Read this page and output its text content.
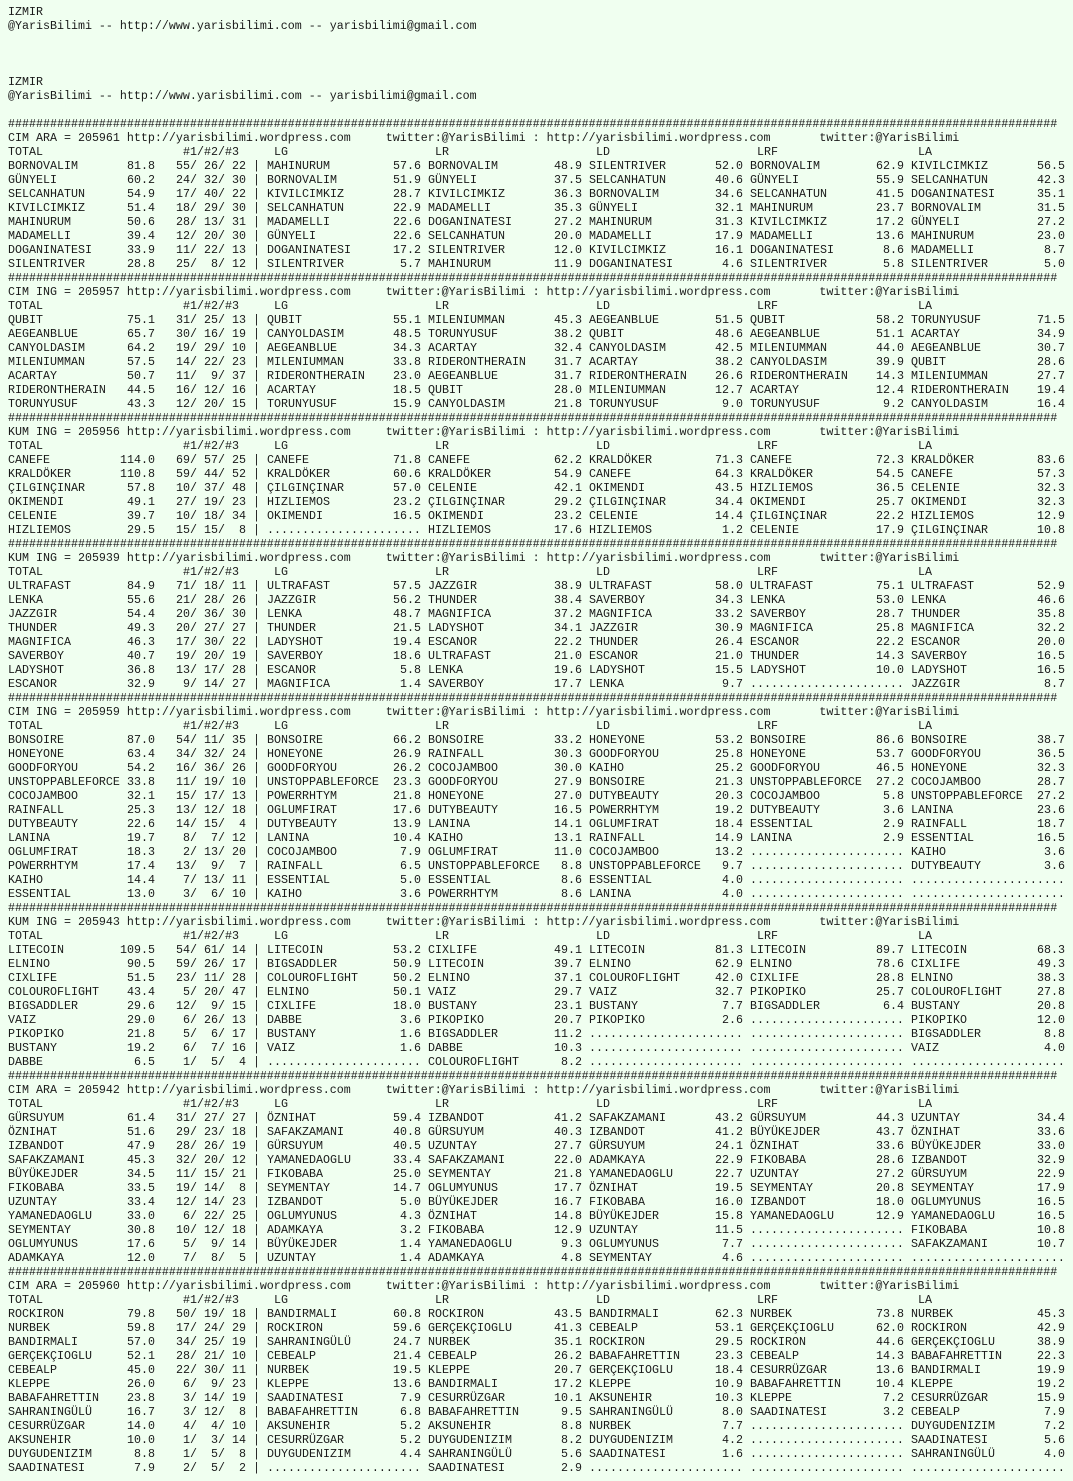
IZMIR
@YarisBilimi -- http://www.yarisbilimi.com -- yarisbilimi@gmail.com
IZMIR
@YarisBilimi -- http://www.yarisbilimi.com -- yarisbilimi@gmail.com
######################################################################################################################################################
CIM ARA = 205961 http://yarisbilimi.wordpress.com     twitter:@YarisBilimi : http://yarisbilimi.wordpress.com       twitter:@YarisBilimi
TOTAL	#1/#2/#3	LG	LR	LD	LRF	LA
BORNOVALIM	81.8	55/ 26/ 22 | MAHINURUM	57.6 BORNOVALIM	48.9 SILENTRIVER	52.0 BORNOVALIM	62.9 KIVILCIMKIZ	56.5
GÜNYELI	60.2	24/ 32/ 30 | BORNOVALIM	51.9 GÜNYELI	37.5 SELCANHATUN	40.6 GÜNYELI	55.9 SELCANHATUN	42.3
SELCANHATUN	54.9	17/ 40/ 22 | KIVILCIMKIZ	28.7 KIVILCIMKIZ	36.3 BORNOVALIM	34.6 SELCANHATUN	41.5 DOGANINATESI	35.1
KIVILCIMKIZ	51.4	18/ 29/ 30 | SELCANHATUN	22.9 MADAMELLI	35.3 GÜNYELI	32.1 MAHINURUM	23.7 BORNOVALIM	31.5
MAHINURUM	50.6	28/ 13/ 31 | MADAMELLI	22.6 DOGANINATESI	27.2 MAHINURUM	31.3 KIVILCIMKIZ	17.2 GÜNYELI	27.2
MADAMELLI	39.4	12/ 20/ 30 | GÜNYELI	22.6 SELCANHATUN	20.0 MADAMELLI	17.9 MADAMELLI	13.6 MAHINURUM	23.0
DOGANINATESI	33.9	11/ 22/ 13 | DOGANINATESI	17.2 SILENTRIVER	12.0 KIVILCIMKIZ	16.1 DOGANINATESI	8.6 MADAMELLI	8.7
SILENTRIVER	28.8	25/  8/ 12 | SILENTRIVER	5.7 MAHINURUM	11.9 DOGANINATESI	4.6 SILENTRIVER	5.8 SILENTRIVER	5.0
######################################################################################################################################################
CIM ING = 205957 http://yarisbilimi.wordpress.com     twitter:@YarisBilimi : http://yarisbilimi.wordpress.com       twitter:@YarisBilimi
TOTAL	#1/#2/#3	LG	LR	LD	LRF	LA
QUBIT	75.1	31/ 25/ 13 | QUBIT	55.1 MILENIUMMAN	45.3 AEGEANBLUE	51.5 QUBIT	58.2 TORUNYUSUF	71.5
AEGEANBLUE	65.7	30/ 16/ 19 | CANYOLDASIM	48.5 TORUNYUSUF	38.2 QUBIT	48.6 AEGEANBLUE	51.1 ACARTAY	34.9
CANYOLDASIM	64.2	19/ 29/ 10 | AEGEANBLUE	34.3 ACARTAY	32.4 CANYOLDASIM	42.5 MILENIUMMAN	44.0 AEGEANBLUE	30.7
MILENIUMMAN	57.5	14/ 22/ 23 | MILENIUMMAN	33.8 RIDERONTHERAIN	31.7 ACARTAY	38.2 CANYOLDASIM	39.9 QUBIT	28.6
ACARTAY	50.7	11/  9/ 37 | RIDERONTHERAIN	23.0 AEGEANBLUE	31.7 RIDERONTHERAIN	26.6 RIDERONTHERAIN	14.3 MILENIUMMAN	27.7
RIDERONTHERAIN	44.5	16/ 12/ 16 | ACARTAY	18.5 QUBIT	28.0 MILENIUMMAN	12.7 ACARTAY	12.4 RIDERONTHERAIN	19.4
TORUNYUSUF	43.3	12/ 20/ 15 | TORUNYUSUF	15.9 CANYOLDASIM	21.8 TORUNYUSUF	9.0 TORUNYUSUF	9.2 CANYOLDASIM	16.4
######################################################################################################################################################
KUM ING = 205956 http://yarisbilimi.wordpress.com     twitter:@YarisBilimi : http://yarisbilimi.wordpress.com       twitter:@YarisBilimi
TOTAL	#1/#2/#3	LG	LR	LD	LRF	LA
CANEFE	114.0	69/ 57/ 25 | CANEFE	71.8 CANEFE	62.2 KRALDÖKER	71.3 CANEFE	72.3 KRALDÖKER	83.6
KRALDÖKER	110.8	59/ 44/ 52 | KRALDÖKER	60.6 KRALDÖKER	54.9 CANEFE	64.3 KRALDÖKER	54.5 CANEFE	57.3
ÇILGINÇINAR	57.8	10/ 37/ 48 | ÇILGINÇINAR	57.0 CELENIE	42.1 OKIMENDI	43.5 HIZLIEMOS	36.5 CELENIE	32.3
OKIMENDI	49.1	27/ 19/ 23 | HIZLIEMOS	23.2 ÇILGINÇINAR	29.2 ÇILGINÇINAR	34.4 OKIMENDI	25.7 OKIMENDI	32.3
CELENIE	39.7	10/ 18/ 34 | OKIMENDI	16.5 OKIMENDI	23.2 CELENIE	14.4 ÇILGINÇINAR	22.2 HIZLIEMOS	12.9
HIZLIEMOS	29.5	15/ 15/  8 | ...................... HIZLIEMOS	17.6 HIZLIEMOS	1.2 CELENIE	17.9 ÇILGINÇINAR	10.8
######################################################################################################################################################
KUM ING = 205939 http://yarisbilimi.wordpress.com     twitter:@YarisBilimi : http://yarisbilimi.wordpress.com       twitter:@YarisBilimi
TOTAL	#1/#2/#3	LG	LR	LD	LRF	LA
ULTRAFAST	84.9	71/ 18/ 11 | ULTRAFAST	57.5 JAZZGIR	38.9 ULTRAFAST	58.0 ULTRAFAST	75.1 ULTRAFAST	52.9
LENKA	55.6	21/ 28/ 26 | JAZZGIR	56.2 THUNDER	38.4 SAVERBOY	34.3 LENKA	53.0 LENKA	46.6
JAZZGIR	54.4	20/ 36/ 30 | LENKA	48.7 MAGNIFICA	37.2 MAGNIFICA	33.2 SAVERBOY	28.7 THUNDER	35.8
THUNDER	49.3	20/ 27/ 27 | THUNDER	21.5 LADYSHOT	34.1 JAZZGIR	30.9 MAGNIFICA	25.8 MAGNIFICA	32.2
MAGNIFICA	46.3	17/ 30/ 22 | LADYSHOT	19.4 ESCANOR	22.2 THUNDER	26.4 ESCANOR	22.2 ESCANOR	20.0
SAVERBOY	40.7	19/ 20/ 19 | SAVERBOY	18.6 ULTRAFAST	21.0 ESCANOR	21.0 THUNDER	14.3 SAVERBOY	16.5
LADYSHOT	36.8	13/ 17/ 28 | ESCANOR	5.8 LENKA	19.6 LADYSHOT	15.5 LADYSHOT	10.0 LADYSHOT	16.5
ESCANOR	32.9	9/ 14/ 27 | MAGNIFICA	1.4 SAVERBOY	17.7 LENKA	9.7 ...................... JAZZGIR	8.7
######################################################################################################################################################
CIM ING = 205959 http://yarisbilimi.wordpress.com     twitter:@YarisBilimi : http://yarisbilimi.wordpress.com       twitter:@YarisBilimi
TOTAL	#1/#2/#3	LG	LR	LD	LRF	LA
BONSOIRE	87.0	54/ 11/ 35 | BONSOIRE	66.2 BONSOIRE	33.2 HONEYONE	53.2 BONSOIRE	86.6 BONSOIRE	38.7
HONEYONE	63.4	34/ 32/ 24 | HONEYONE	26.9 RAINFALL	30.3 GOODFORYOU	25.8 HONEYONE	53.7 GOODFORYOU	36.5
GOODFORYOU	54.2	16/ 36/ 26 | GOODFORYOU	26.2 COCOJAMBOO	30.0 KAIHO	25.2 GOODFORYOU	46.5 HONEYONE	32.3
UNSTOPPABLEFORCE 33.8	11/ 19/ 10 | UNSTOPPABLEFORCE	23.3 GOODFORYOU	27.9 BONSOIRE	21.3 UNSTOPPABLEFORCE	27.2 COCOJAMBOO	28.7
COCOJAMBOO	32.1	15/ 17/ 13 | POWERRHTYM	21.8 HONEYONE	27.0 DUTYBEAUTY	20.3 COCOJAMBOO	5.8 UNSTOPPABLEFORCE	27.2
RAINFALL	25.3	13/ 12/ 18 | OGLUMFIRAT	17.6 DUTYBEAUTY	16.5 POWERRHTYM	19.2 DUTYBEAUTY	3.6 LANINA	23.6
DUTYBEAUTY	22.6	14/ 15/  4 | DUTYBEAUTY	13.9 LANINA	14.1 OGLUMFIRAT	18.4 ESSENTIAL	2.9 RAINFALL	18.7
LANINA	19.7	8/  7/ 12 | LANINA	10.4 KAIHO	13.1 RAINFALL	14.9 LANINA	2.9 ESSENTIAL	16.5
OGLUMFIRAT	18.3	2/ 13/ 20 | COCOJAMBOO	7.9 OGLUMFIRAT	11.0 COCOJAMBOO	13.2 ...................... KAIHO	3.6
POWERRHTYM	17.4	13/  9/  7 | RAINFALL	6.5 UNSTOPPABLEFORCE	8.8 UNSTOPPABLEFORCE	9.7 ...................... DUTYBEAUTY	3.6
KAIHO	14.4	7/ 13/ 11 | ESSENTIAL	5.0 ESSENTIAL	8.6 ESSENTIAL	4.0 ...................... ......................
ESSENTIAL	13.0	3/  6/ 10 | KAIHO	3.6 POWERRHTYM	8.6 LANINA	4.0 ...................... ......................
######################################################################################################################################################
KUM ING = 205943 http://yarisbilimi.wordpress.com     twitter:@YarisBilimi : http://yarisbilimi.wordpress.com       twitter:@YarisBilimi
TOTAL	#1/#2/#3	LG	LR	LD	LRF	LA
LITECOIN	109.5	54/ 61/ 14 | LITECOIN	53.2 CIXLIFE	49.1 LITECOIN	81.3 LITECOIN	89.7 LITECOIN	68.3
ELNINO	90.5	59/ 26/ 17 | BIGSADDLER	50.9 LITECOIN	39.7 ELNINO	62.9 ELNINO	78.6 CIXLIFE	49.3
CIXLIFE	51.5	23/ 11/ 28 | COLOUROFLIGHT	50.2 ELNINO	37.1 COLOUROFLIGHT	42.0 CIXLIFE	28.8 ELNINO	38.3
COLOUROFLIGHT	43.4	5/ 20/ 47 | ELNINO	50.1 VAIZ	29.7 VAIZ	32.7 PIKOPIKO	25.7 COLOUROFLIGHT	27.8
BIGSADDLER	29.6	12/  9/ 15 | CIXLIFE	18.0 BUSTANY	23.1 BUSTANY	7.7 BIGSADDLER	6.4 BUSTANY	20.8
VAIZ	29.0	6/ 26/ 13 | DABBE	3.6 PIKOPIKO	20.7 PIKOPIKO	2.6 ...................... PIKOPIKO	12.0
PIKOPIKO	21.8	5/  6/ 17 | BUSTANY	1.6 BIGSADDLER	11.2 ...................... ...................... BIGSADDLER	8.8
BUSTANY	19.2	6/  7/ 16 | VAIZ	1.6 DABBE	10.3 ...................... ...................... VAIZ	4.0
DABBE	6.5	1/  5/  4 | ...................... COLOUROFLIGHT	8.2 ...................... ...................... ......................
######################################################################################################################################################
CIM ARA = 205942 http://yarisbilimi.wordpress.com     twitter:@YarisBilimi : http://yarisbilimi.wordpress.com       twitter:@YarisBilimi
TOTAL	#1/#2/#3	LG	LR	LD	LRF	LA
GÜRSUYUM	61.4	31/ 27/ 27 | ÖZNIHAT	59.4 IZBANDOT	41.2 SAFAKZAMANI	43.2 GÜRSUYUM	44.3 UZUNTAY	34.4
ÖZNIHAT	51.6	29/ 23/ 18 | SAFAKZAMANI	40.8 GÜRSUYUM	40.3 IZBANDOT	41.2 BÜYÜKEJDER	43.7 ÖZNIHAT	33.6
IZBANDOT	47.9	28/ 26/ 19 | GÜRSUYUM	40.5 UZUNTAY	27.7 GÜRSUYUM	24.1 ÖZNIHAT	33.6 BÜYÜKEJDER	33.0
SAFAKZAMANI	45.3	32/ 20/ 12 | YAMANEDAOGLU	33.4 SAFAKZAMANI	22.0 ADAMKAYA	22.9 FIKOBABA	28.6 IZBANDOT	32.9
BÜYÜKEJDER	34.5	11/ 15/ 21 | FIKOBABA	25.0 SEYMENTAY	21.8 YAMANEDAOGLU	22.7 UZUNTAY	27.2 GÜRSUYUM	22.9
FIKOBABA	33.5	19/ 14/  8 | SEYMENTAY	14.7 OGLUMYUNUS	17.7 ÖZNIHAT	19.5 SEYMENTAY	20.8 SEYMENTAY	17.9
UZUNTAY	33.4	12/ 14/ 23 | IZBANDOT	5.0 BÜYÜKEJDER	16.7 FIKOBABA	16.0 IZBANDOT	18.0 OGLUMYUNUS	16.5
YAMANEDAOGLU	33.0	6/ 22/ 25 | OGLUMYUNUS	4.3 ÖZNIHAT	14.8 BÜYÜKEJDER	15.8 YAMANEDAOGLU	12.9 YAMANEDAOGLU	16.5
SEYMENTAY	30.8	10/ 12/ 18 | ADAMKAYA	3.2 FIKOBABA	12.9 UZUNTAY	11.5 ...................... FIKOBABA	10.8
OGLUMYUNUS	17.6	5/  9/ 14 | BÜYÜKEJDER	1.4 YAMANEDAOGLU	9.3 OGLUMYUNUS	7.7 ...................... SAFAKZAMANI	10.7
ADAMKAYA	12.0	7/  8/  5 | UZUNTAY	1.4 ADAMKAYA	4.8 SEYMENTAY	4.6 ...................... ......................
######################################################################################################################################################
CIM ARA = 205960 http://yarisbilimi.wordpress.com     twitter:@YarisBilimi : http://yarisbilimi.wordpress.com       twitter:@YarisBilimi
TOTAL	#1/#2/#3	LG	LR	LD	LRF	LA
ROCKIRON	79.8	50/ 19/ 18 | BANDIRMALI	60.8 ROCKIRON	43.5 BANDIRMALI	62.3 NURBEK	73.8 NURBEK	45.3
NURBEK	59.8	17/ 24/ 29 | ROCKIRON	59.6 GERÇEKÇIOGLU	41.3 CEBEALP	53.1 GERÇEKÇIOGLU	62.0 ROCKIRON	42.9
BANDIRMALI	57.0	34/ 25/ 19 | SAHRANINGÜLÜ	24.7 NURBEK	35.1 ROCKIRON	29.5 ROCKIRON	44.6 GERÇEKÇIOGLU	38.9
GERÇEKÇIOGLU	52.1	28/ 21/ 10 | CEBEALP	21.4 CEBEALP	26.2 BABAFAHRETTIN	23.3 CEBEALP	14.3 BABAFAHRETTIN	22.3
CEBEALP	45.0	22/ 30/ 11 | NURBEK	19.5 KLEPPE	20.7 GERÇEKÇIOGLU	18.4 CESURRÜZGAR	13.6 BANDIRMALI	19.9
KLEPPE	26.0	6/  9/ 23 | KLEPPE	13.6 BANDIRMALI	17.2 KLEPPE	10.9 BABAFAHRETTIN	10.4 KLEPPE	19.2
BABAFAHRETTIN	23.8	3/ 14/ 19 | SAADINATESI	7.9 CESURRÜZGAR	10.1 AKSUNEHIR	10.3 KLEPPE	7.2 CESURRÜZGAR	15.9
SAHRANINGÜLÜ	16.7	3/ 12/  8 | BABAFAHRETTIN	6.8 BABAFAHRETTIN	9.5 SAHRANINGÜLÜ	8.0 SAADINATESI	3.2 CEBEALP	7.9
CESURRÜZGAR	14.0	4/  4/ 10 | AKSUNEHIR	5.2 AKSUNEHIR	8.8 NURBEK	7.7 ...................... DUYGUDENIZIM	7.2
AKSUNEHIR	10.0	1/  3/ 14 | CESURRÜZGAR	5.2 DUYGUDENIZIM	8.2 DUYGUDENIZIM	4.2 ...................... SAADINATESI	5.6
DUYGUDENIZIM	8.8	1/  5/  8 | DUYGUDENIZIM	4.4 SAHRANINGÜLÜ	5.6 SAADINATESI	1.6 ...................... SAHRANINGÜLÜ	4.0
SAADINATESI	7.9	2/  5/  2 | ...................... SAADINATESI	2.9 ...................... ...................... ......................
